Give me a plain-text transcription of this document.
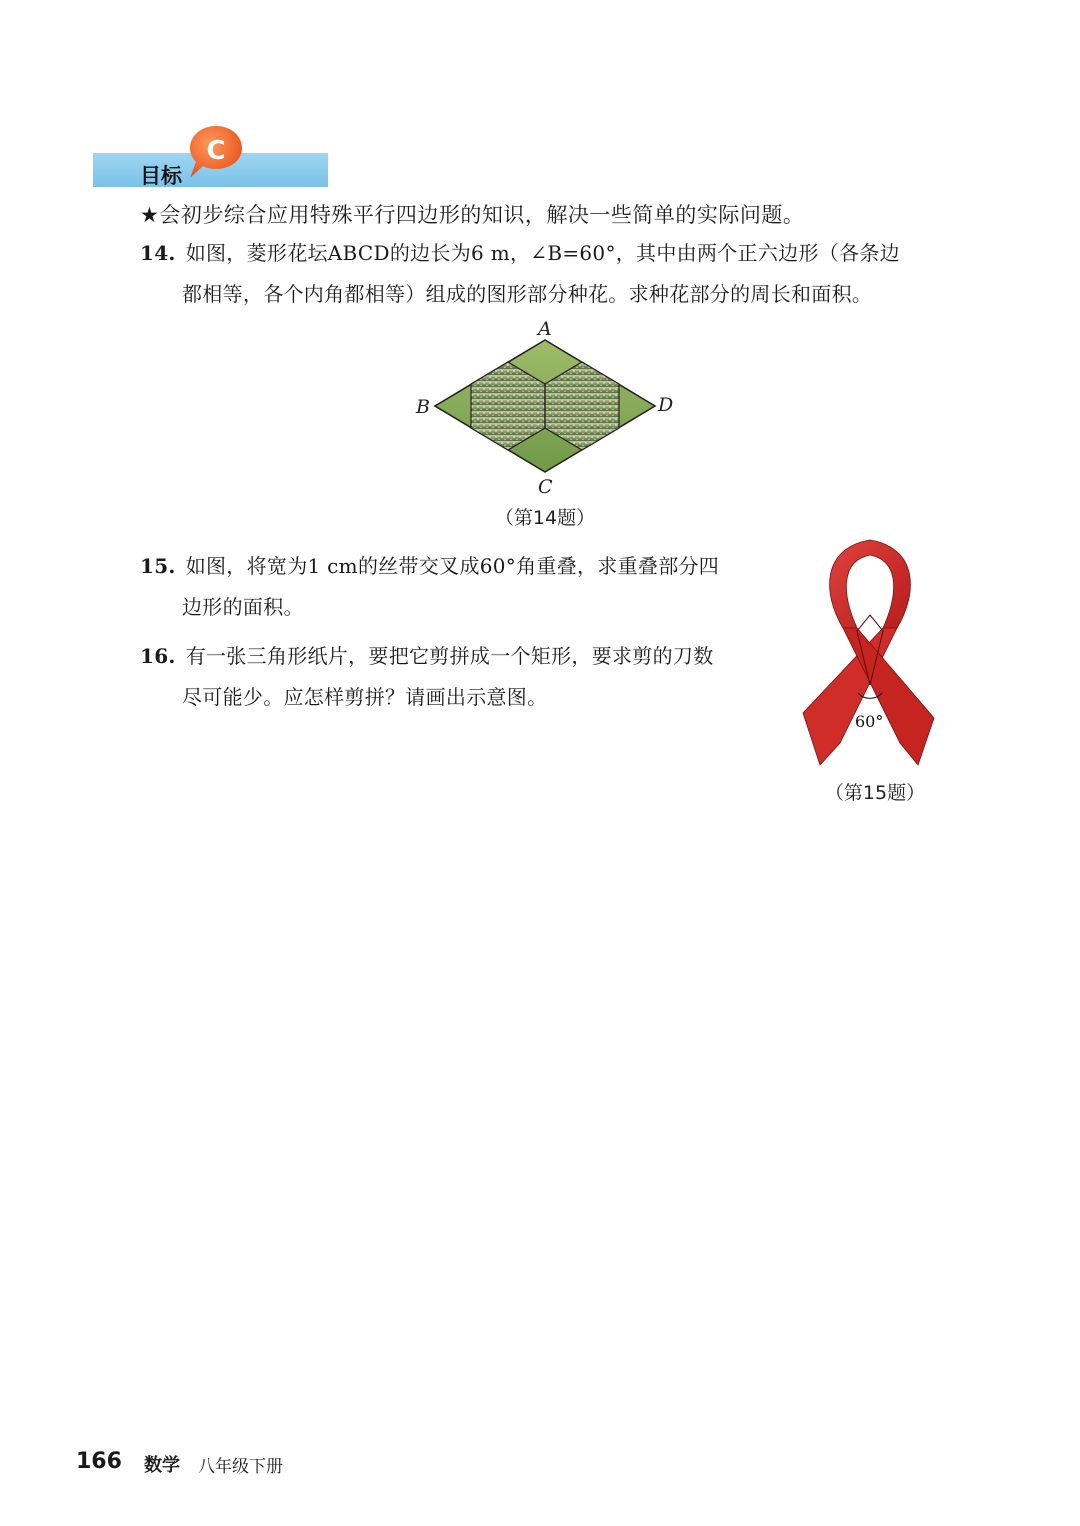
目标
C
★会初步综合应用特殊平行四边形的知识，解决一些简单的实际问题。
14. 如图，菱形花坛ABCD的边长为6 m，∠B=60°，其中由两个正六边形（各条边
都相等，各个内角都相等）组成的图形部分种花。求种花部分的周长和面积。
A
B
C
D
（第14题）
15. 如图，将宽为1 cm的丝带交叉成60°角重叠，求重叠部分四
边形的面积。
16. 有一张三角形纸片，要把它剪拼成一个矩形，要求剪的刀数
尽可能少。应怎样剪拼？请画出示意图。
60°
（第15题）
166 数学 八年级下册
